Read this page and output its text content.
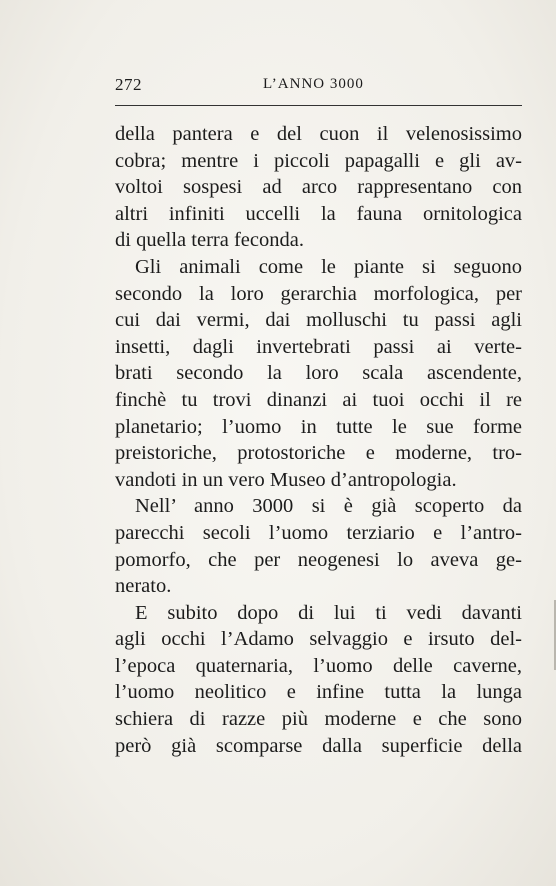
272	L’ANNO 3000
della pantera e del cuon il velenosissimo
cobra; mentre i piccoli papagalli e gli av-
voltoi sospesi ad arco rappresentano con
altri infiniti uccelli la fauna ornitologica
di quella terra feconda.
Gli animali come le piante si seguono
secondo la loro gerarchia morfologica, per
cui dai vermi, dai molluschi tu passi agli
insetti, dagli invertebrati passi ai verte-
brati secondo la loro scala ascendente,
finchè tu trovi dinanzi ai tuoi occhi il re
planetario; l’uomo in tutte le sue forme
preistoriche, protostoriche e moderne, tro-
vandoti in un vero Museo d’antropologia.
Nell’ anno 3000 si è già scoperto da
parecchi secoli l’uomo terziario e l’antro-
pomorfo, che per neogenesi lo aveva ge-
nerato.
E subito dopo di lui ti vedi davanti
agli occhi l’Adamo selvaggio e irsuto del-
l’epoca quaternaria, l’uomo delle caverne,
l’uomo neolitico e infine tutta la lunga
schiera di razze più moderne e che sono
però già scomparse dalla superficie della
